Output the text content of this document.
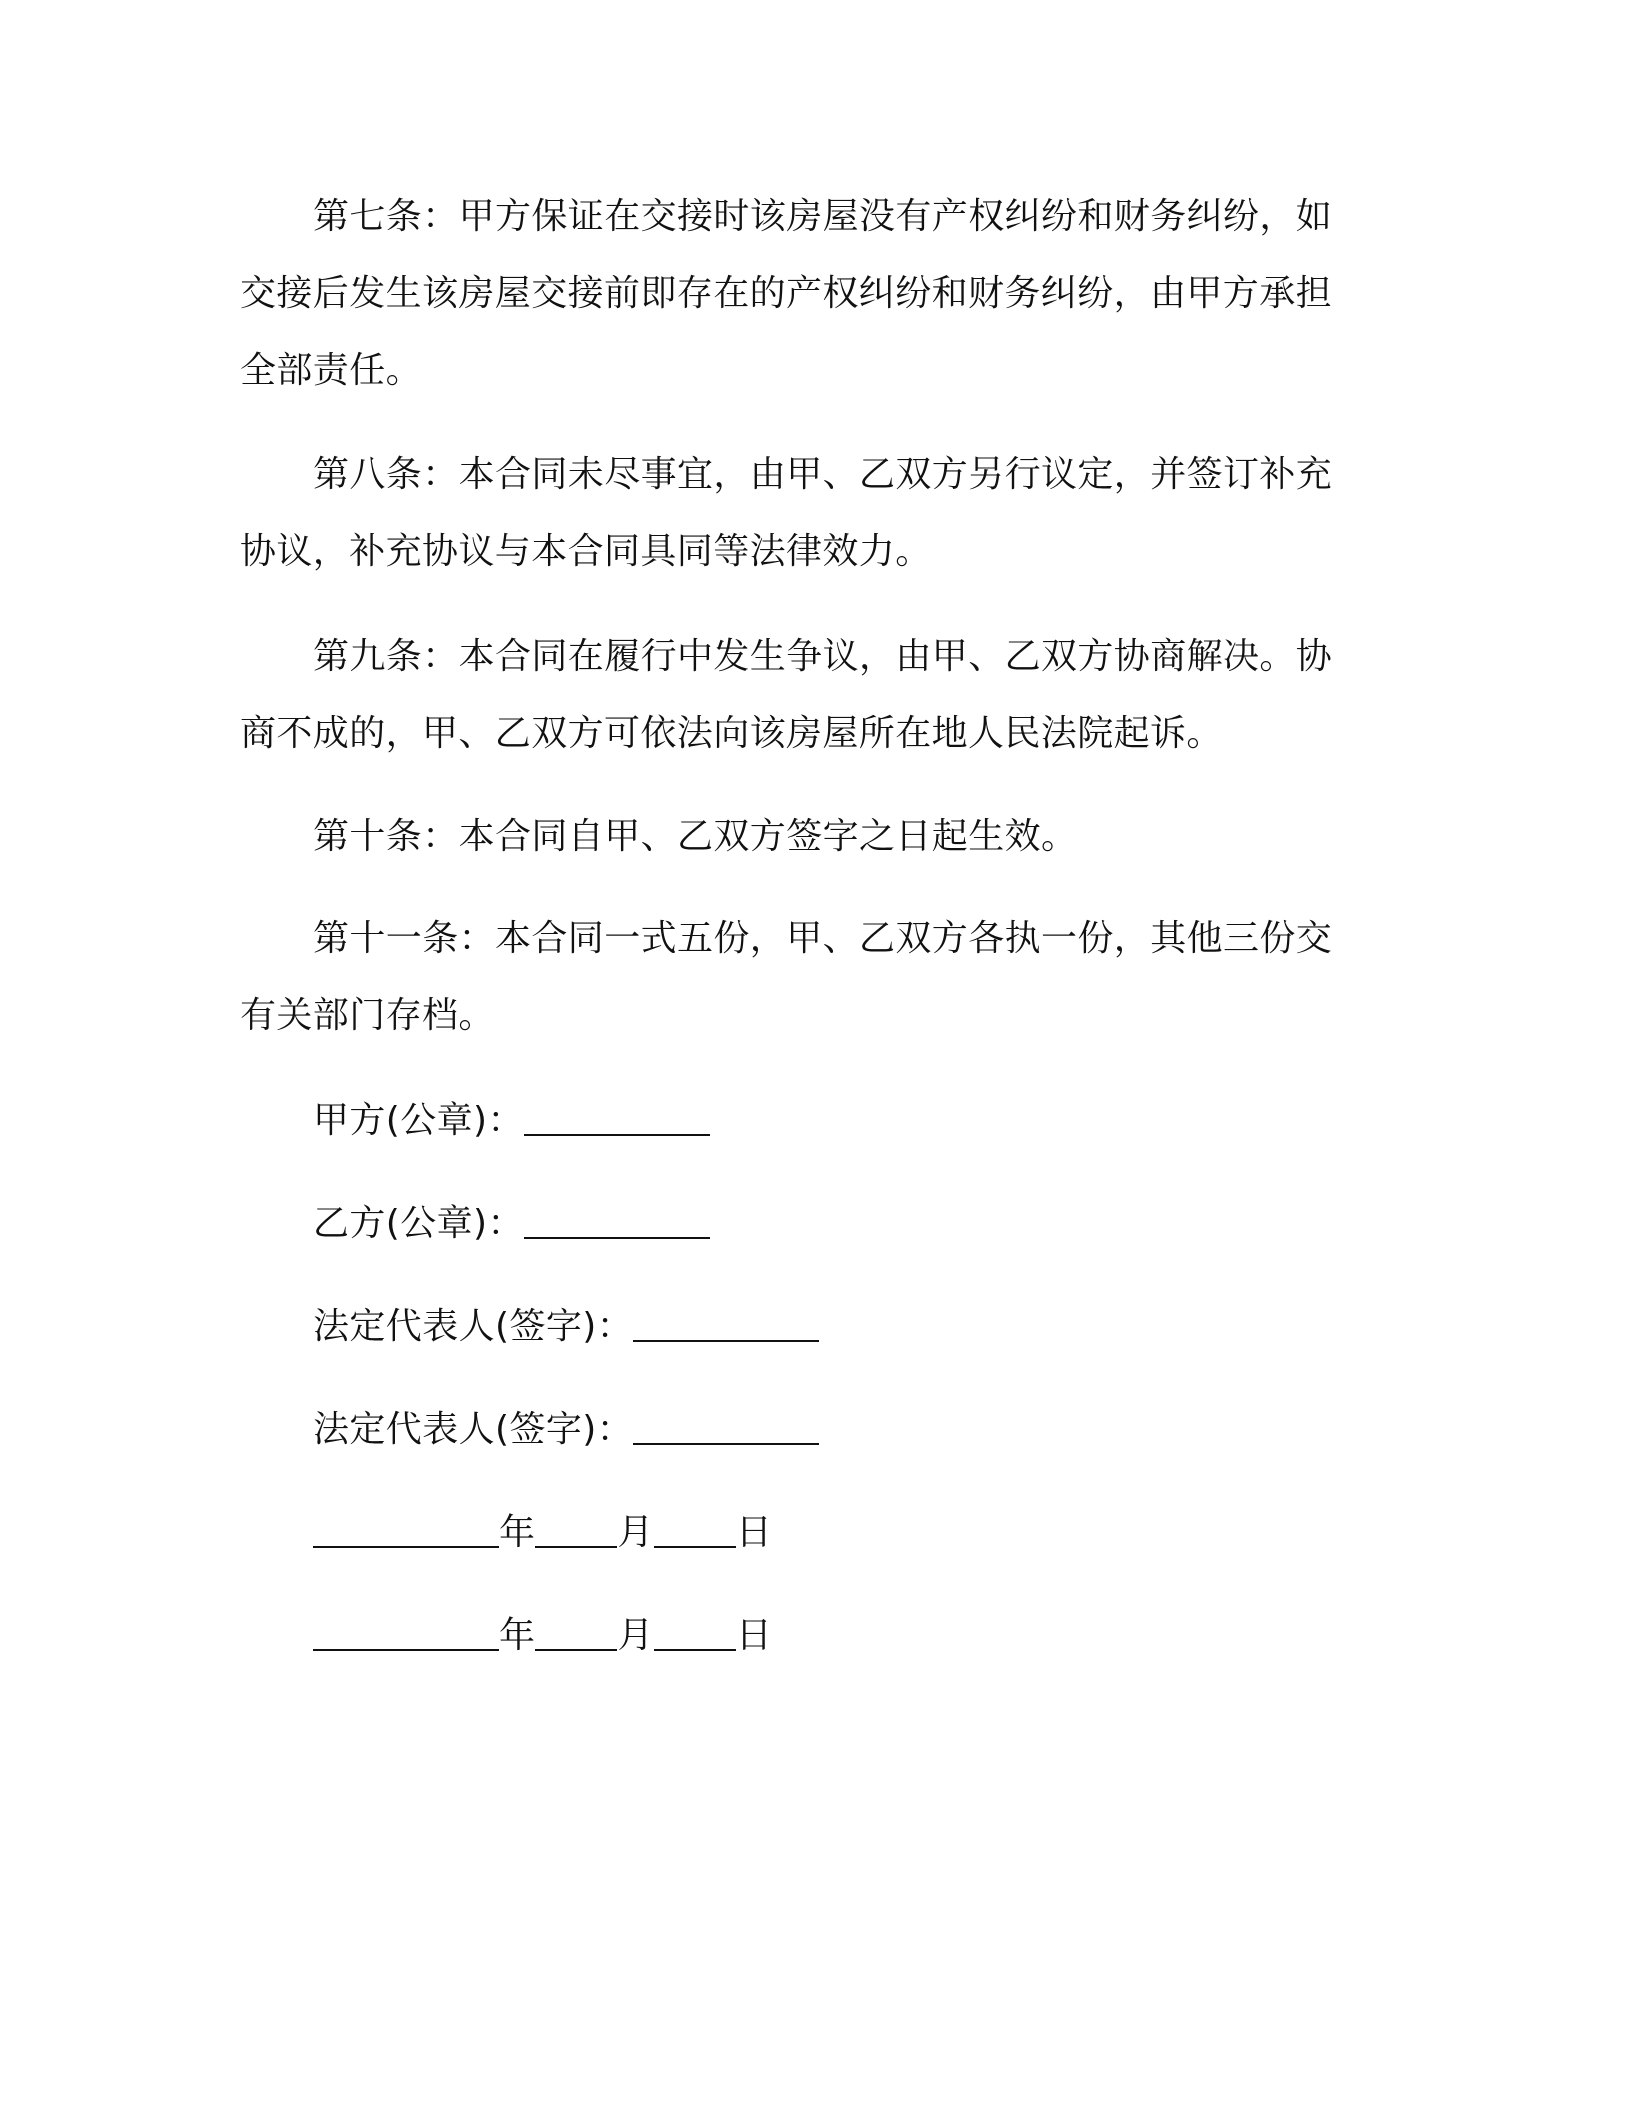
第七条：甲方保证在交接时该房屋没有产权纠纷和财务纠纷，如交接后发生该房屋交接前即存在的产权纠纷和财务纠纷，由甲方承担全部责任。
第八条：本合同未尽事宜，由甲、乙双方另行议定，并签订补充协议，补充协议与本合同具同等法律效力。
第九条：本合同在履行中发生争议，由甲、乙双方协商解决。协商不成的，甲、乙双方可依法向该房屋所在地人民法院起诉。
第十条：本合同自甲、乙双方签字之日起生效。
第十一条：本合同一式五份，甲、乙双方各执一份，其他三份交有关部门存档。
甲方(公章)：
乙方(公章)：
法定代表人(签字)：
法定代表人(签字)：
年 月 日
年 月 日
